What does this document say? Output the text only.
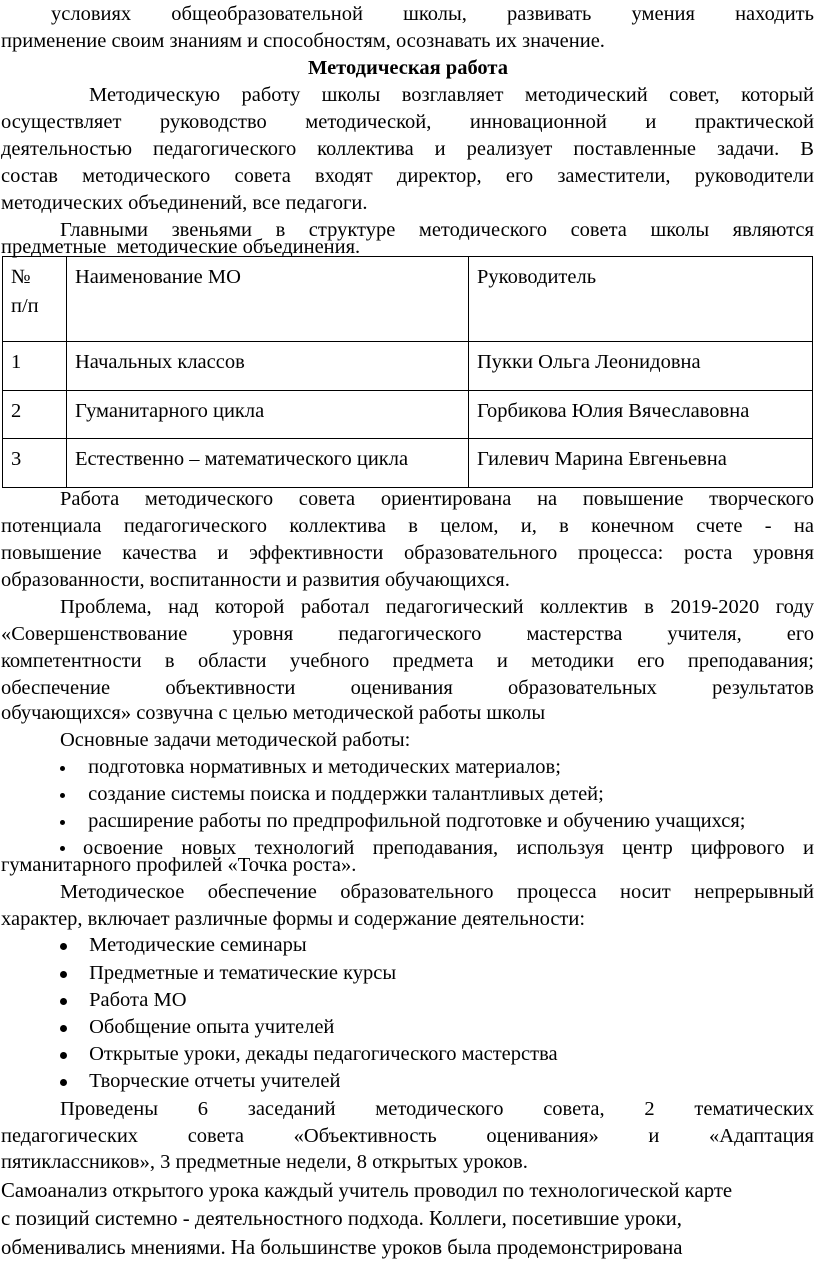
условиях общеобразовательной школы, развивать умения находить
применение своим знаниям и способностям, осознавать их значение.
Методическая работа
Методическую работу школы возглавляет методический совет, который
осуществляет руководство методической, инновационной и практической
деятельностью педагогического коллектива и реализует поставленные задачи. В
состав методического совета входят директор, его заместители, руководители
методических объединений, все педагоги.
Главными звеньями в структуре методического совета школы являются
предметные  методические объединения.
№ п/п	Наименование МО	Руководитель
1	Начальных классов	Пукки Ольга Леонидовна
2	Гуманитарного цикла	Горбикова Юлия Вячеславовна
3	Естественно – математического цикла	Гилевич Марина Евгеньевна
Работа методического совета ориентирована на повышение творческого
потенциала педагогического коллектива в целом, и, в конечном счете - на
повышение качества и эффективности образовательного процесса: роста уровня
образованности, воспитанности и развития обучающихся.
Проблема, над которой работал педагогический коллектив в 2019-2020 году
«Совершенствование уровня педагогического мастерства учителя, его
компетентности в области учебного предмета и методики его преподавания;
обеспечение	объективности	оценивания	образовательных	результатов
обучающихся» созвучна с целью методической работы школы
Основные задачи методической работы:
подготовка нормативных и методических материалов;
создание системы поиска и поддержки талантливых детей;
расширение работы по предпрофильной подготовке и обучению учащихся;
освоение новых технологий преподавания, используя центр цифрового и
гуманитарного профилей «Точка роста».
Методическое обеспечение образовательного процесса носит непрерывный
характер, включает различные формы и содержание деятельности:
Методические семинары
Предметные и тематические курсы
Работа МО
Обобщение опыта учителей
Открытые уроки, декады педагогического мастерства
Творческие отчеты учителей
Проведены 6 заседаний методического совета, 2 тематических
педагогических совета «Объективность оценивания» и «Адаптация
пятиклассников», 3 предметные недели, 8 открытых уроков.
Самоанализ открытого урока каждый учитель проводил по технологической карте
с позиций системно - деятельностного подхода. Коллеги, посетившие уроки,
обменивались мнениями. На большинстве уроков была продемонстрирована
